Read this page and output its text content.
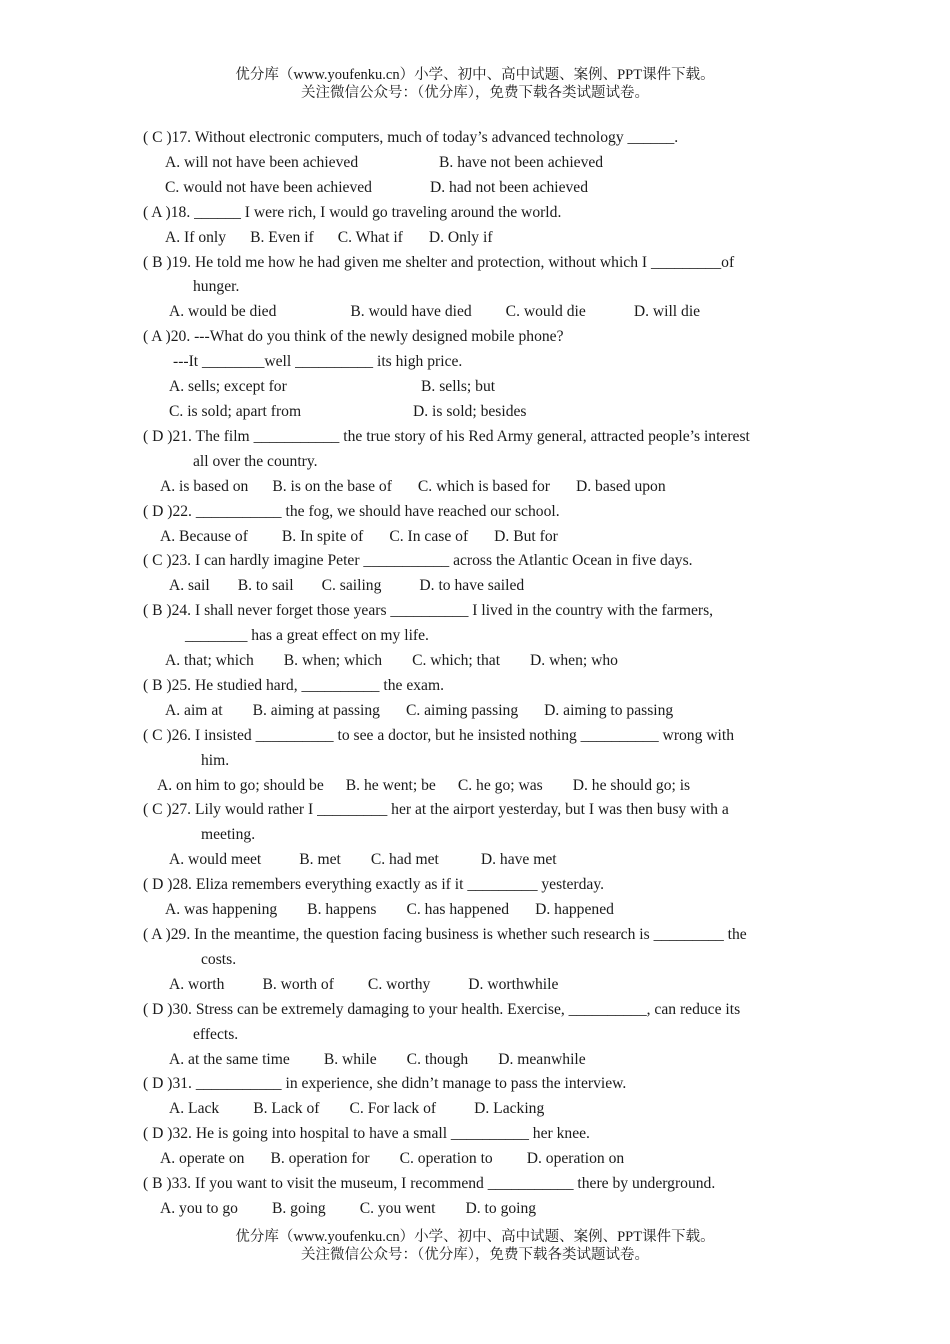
优分库（www.youfenku.cn）小学、初中、高中试题、案例、PPT课件下载。
关注微信公众号：（优分库），免费下载各类试题试卷。
( C )17. Without electronic computers, much of today’s advanced technology ______.
A. will not have been achieved	B. have not been achieved
C. would not have been achieved	D. had not been achieved
( A )18. ______ I were rich, I would go traveling around the world.
A. If only B. Even if C. What if D. Only if
( B )19. He told me how he had given me shelter and protection, without which I _________of
hunger.
A. would be died	B. would have died C. would die	D. will die
( A )20. ---What do you think of the newly designed mobile phone?
---It ________well __________ its high price.
A. sells; except for	B. sells; but
C. is sold; apart from	D. is sold; besides
( D )21. The film ___________ the true story of his Red Army general, attracted people’s interest
all over the country.
A. is based on B. is on the base of C. which is based for D. based upon
( D )22. ___________ the fog, we should have reached our school.
A. Because of B. In spite of C. In case of D. But for
( C )23. I can hardly imagine Peter ___________ across the Atlantic Ocean in five days.
A. sail B. to sail C. sailing D. to have sailed
( B )24. I shall never forget those years __________ I lived in the country with the farmers,
________ has a great effect on my life.
A. that; which B. when; which C. which; that D. when; who
( B )25. He studied hard, __________ the exam.
A. aim at B. aiming at passing C. aiming passing D. aiming to passing
( C )26. I insisted __________ to see a doctor, but he insisted nothing __________ wrong with
him.
A. on him to go; should be B. he went; be C. he go; was D. he should go; is
( C )27. Lily would rather I _________ her at the airport yesterday, but I was then busy with a
meeting.
A. would meet B. met C. had met	D. have met
( D )28. Eliza remembers everything exactly as if it _________ yesterday.
A. was happening B. happens C. has happened D. happened
( A )29. In the meantime, the question facing business is whether such research is _________ the
costs.
A. worth B. worth of C. worthy D. worthwhile
( D )30. Stress can be extremely damaging to your health. Exercise, __________, can reduce its
effects.
A. at the same time B. while C. though D. meanwhile
( D )31. ___________ in experience, she didn’t manage to pass the interview.
A. Lack B. Lack of C. For lack of D. Lacking
( D )32. He is going into hospital to have a small __________ her knee.
A. operate on B. operation for C. operation to D. operation on
( B )33. If you want to visit the museum, I recommend ___________ there by underground.
A. you to go B. going C. you went D. to going
优分库（www.youfenku.cn）小学、初中、高中试题、案例、PPT课件下载。
关注微信公众号：（优分库），免费下载各类试题试卷。
